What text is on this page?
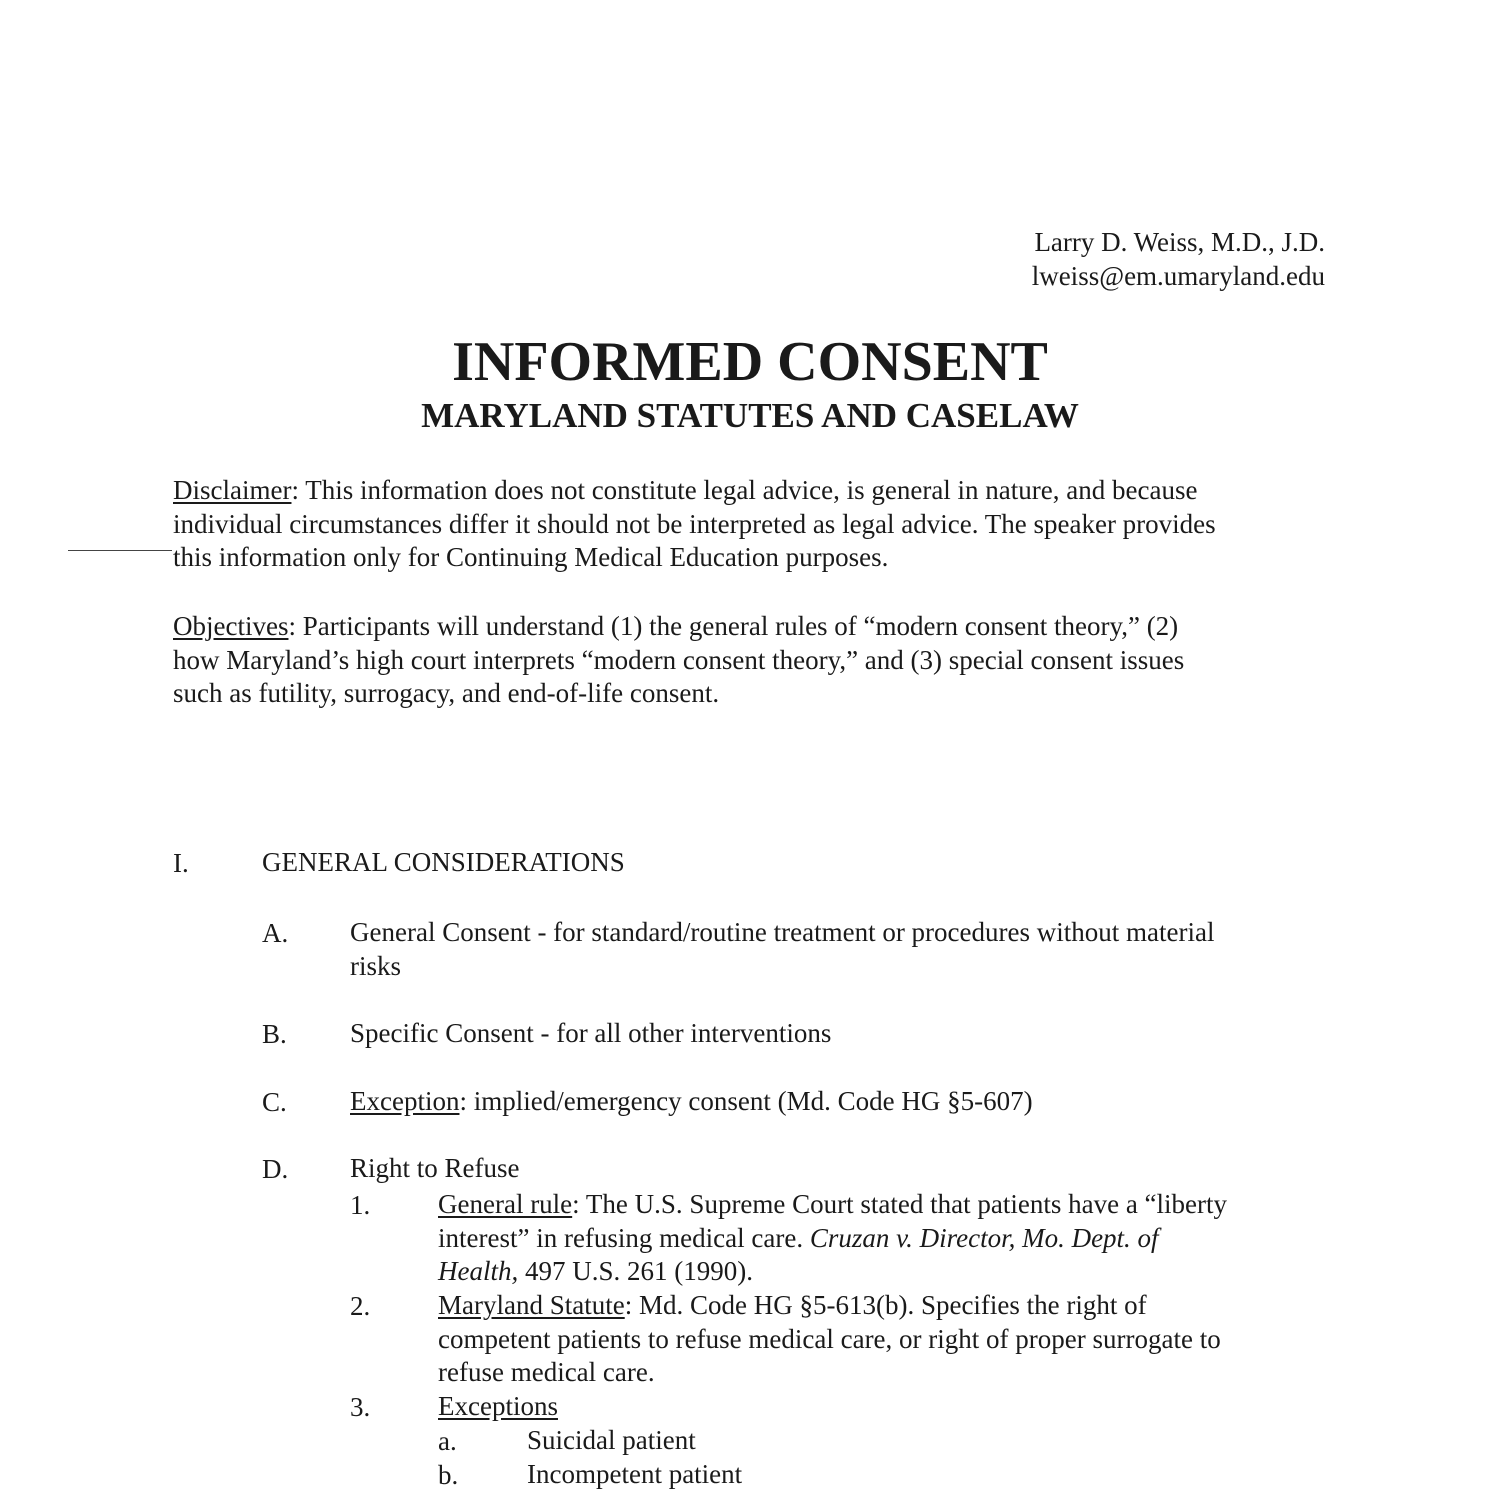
Larry D. Weiss, M.D., J.D.
lweiss@em.umaryland.edu
INFORMED CONSENT
MARYLAND STATUTES AND CASELAW
Disclaimer: This information does not constitute legal advice, is general in nature, and because
individual circumstances differ it should not be interpreted as legal advice. The speaker provides
this information only for Continuing Medical Education purposes.
Objectives: Participants will understand (1) the general rules of “modern consent theory,” (2)
how Maryland’s high court interprets “modern consent theory,” and (3) special consent issues
such as futility, surrogacy, and end-of-life consent.
I.	GENERAL CONSIDERATIONS
A. General Consent - for standard/routine treatment or procedures without material
risks
B. Specific Consent - for all other interventions
C. Exception: implied/emergency consent (Md. Code HG §5-607)
D. Right to Refuse
1.	General rule: The U.S. Supreme Court stated that patients have a “liberty
interest” in refusing medical care. Cruzan v. Director, Mo. Dept. of
Health, 497 U.S. 261 (1990).
2.	Maryland Statute: Md. Code HG §5-613(b). Specifies the right of
competent patients to refuse medical care, or right of proper surrogate to
refuse medical care.
3.	Exceptions
a.	Suicidal patient
b.	Incompetent patient
